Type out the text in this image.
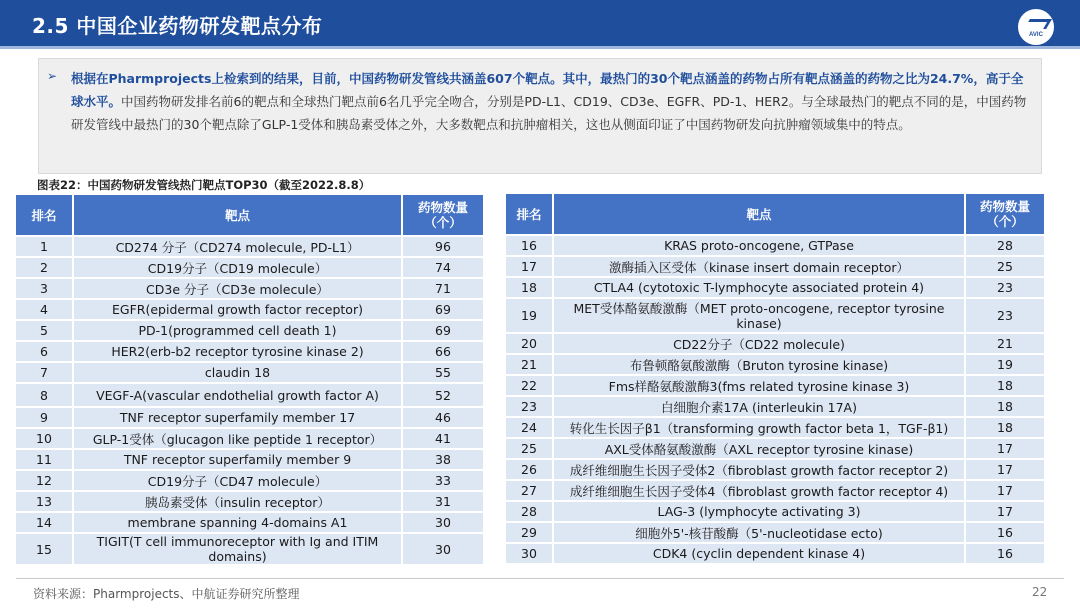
2.5 中国企业药物研发靶点分布	AVIC
➢ 根据在Pharmprojects上检索到的结果，目前，中国药物研发管线共涵盖607个靶点。其中，最热门的30个靶点涵盖的药物占所有靶点涵盖的药物之比为24.7%，高于全球水平。中国药物研发排名前6的靶点和全球热门靶点前6名几乎完全吻合，分别是PD-L1、CD19、CD3e、EGFR、PD-1、HER2。与全球最热门的靶点不同的是，中国药物研发管线中最热门的30个靶点除了GLP-1受体和胰岛素受体之外，大多数靶点和抗肿瘤相关，这也从侧面印证了中国药物研发向抗肿瘤领域集中的特点。
图表22：中国药物研发管线热门靶点TOP30（截至2022.8.8）
排名	靶点	药物数量（个）
1	CD274 分子（CD274 molecule, PD-L1）	96
2	CD19分子（CD19 molecule）	74
3	CD3e 分子（CD3e molecule）	71
4	EGFR(epidermal growth factor receptor)	69
5	PD-1(programmed cell death 1)	69
6	HER2(erb-b2 receptor tyrosine kinase 2)	66
7	claudin 18	55
8	VEGF-A(vascular endothelial growth factor A)	52
9	TNF receptor superfamily member 17	46
10	GLP-1受体（glucagon like peptide 1 receptor）	41
11	TNF receptor superfamily member 9	38
12	CD19分子（CD47 molecule）	33
13	胰岛素受体（insulin receptor）	31
14	membrane spanning 4-domains A1	30
15	TIGIT(T cell immunoreceptor with Ig and ITIM domains)	30
排名	靶点	药物数量（个）
16	KRAS proto-oncogene, GTPase	28
17	激酶插入区受体（kinase insert domain receptor）	25
18	CTLA4 (cytotoxic T-lymphocyte associated protein 4)	23
19	MET受体酪氨酸激酶（MET proto-oncogene, receptor tyrosine kinase)	23
20	CD22分子（CD22 molecule)	21
21	布鲁顿酪氨酸激酶（Bruton tyrosine kinase)	19
22	Fms样酪氨酸激酶3(fms related tyrosine kinase 3)	18
23	白细胞介素17A (interleukin 17A)	18
24	转化生长因子β1（transforming growth factor beta 1，TGF-β1)	18
25	AXL受体酪氨酸激酶（AXL receptor tyrosine kinase)	17
26	成纤维细胞生长因子受体2（fibroblast growth factor receptor 2)	17
27	成纤维细胞生长因子受体4（fibroblast growth factor receptor 4)	17
28	LAG-3 (lymphocyte activating 3)	17
29	细胞外5'-核苷酸酶（5'-nucleotidase ecto)	16
30	CDK4 (cyclin dependent kinase 4)	16
资料来源：Pharmprojects、中航证券研究所整理	22
